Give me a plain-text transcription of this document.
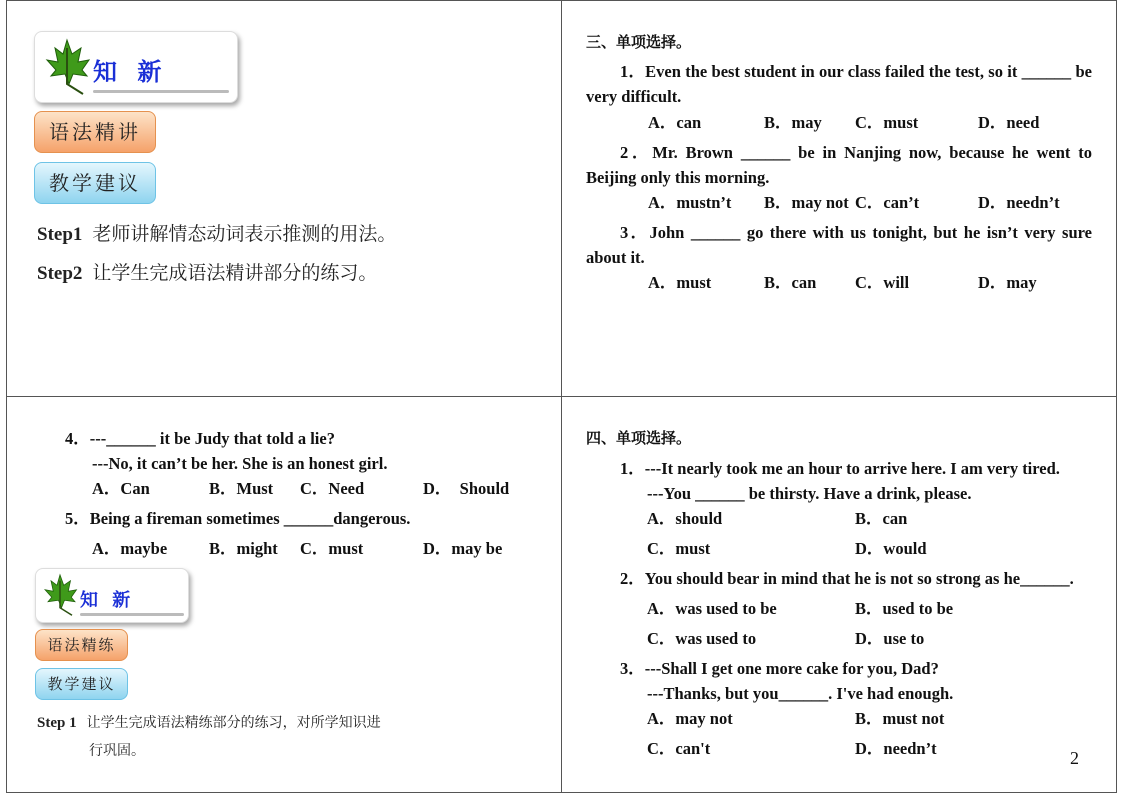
知 新
语法精讲
教学建议
Step1 老师讲解情态动词表示推测的用法。
Step2 让学生完成语法精讲部分的练习。
三、单项选择。
1．Even the best student in our class failed the test, so it ______ be very difficult.
A．can	B．may C．must	D．need
2．Mr. Brown ______ be in Nanjing now, because he went to Beijing only this morning.
A．mustn’t B．may not C．can’t	D．needn’t
3．John ______ go there with us tonight, but he isn’t very sure about it.
A．must	B．can C．will	D．may
4．---______ it be Judy that told a lie?
---No, it can’t be her. She is an honest girl.
A．Can	B．Must C．Need	D．  Should
5．Being a fireman sometimes ______dangerous.
A．maybe	B．might C．must	D．may be
知 新
语法精练
教学建议
Step 1 让学生完成语法精练部分的练习，对所学知识进
行巩固。
四、单项选择。
1．---It nearly took me an hour to arrive here. I am very tired.
---You ______ be thirsty. Have a drink, please.
A．should	B．can
C．must	D．would
2．You should bear in mind that he is not so strong as he______.
A．was used to be	B．used to be
C．was used to	D．use to
3．---Shall I get one more cake for you, Dad?
---Thanks, but you______. I've had enough.
A．may not	B．must not
C．can't	D．needn’t	2
